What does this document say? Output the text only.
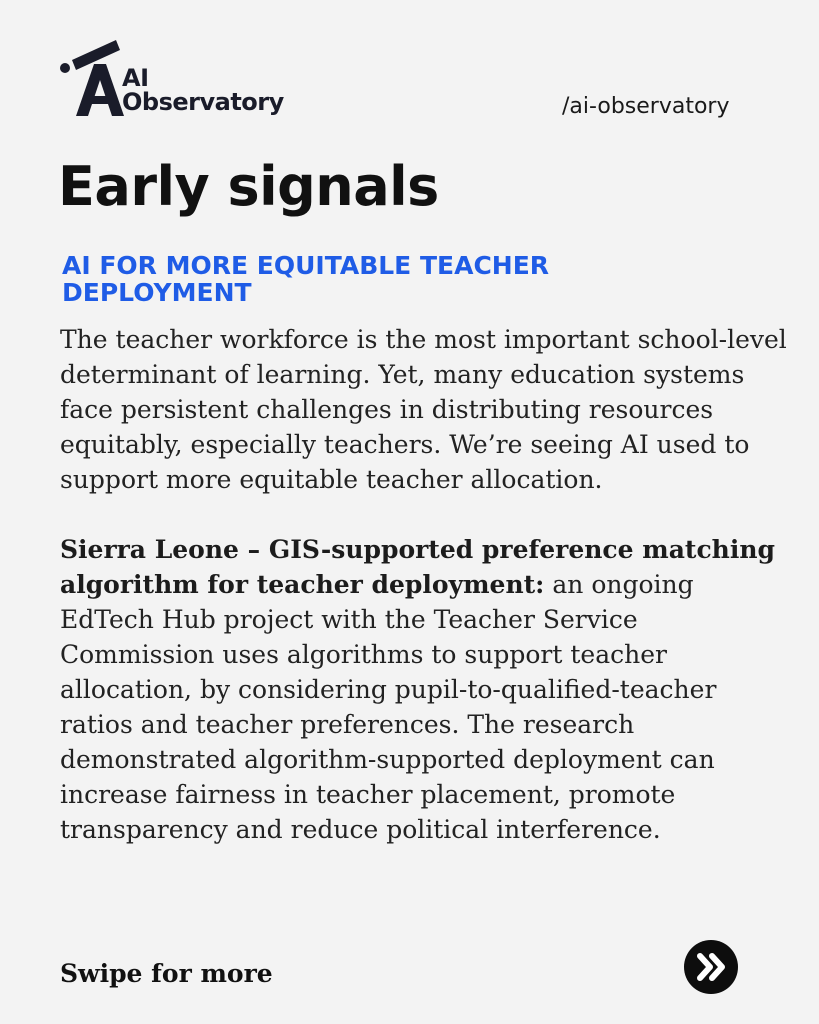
AI
Observatory	/ai-observatory
Early signals
AI FOR MORE EQUITABLE TEACHER DEPLOYMENT

The teacher workforce is the most important school-level determinant of learning. Yet, many education systems face persistent challenges in distributing resources equitably, especially teachers. We’re seeing AI used to support more equitable teacher allocation.

Sierra Leone – GIS-supported preference matching algorithm for teacher deployment: an ongoing EdTech Hub project with the Teacher Service Commission uses algorithms to support teacher allocation, by considering pupil-to-qualified-teacher ratios and teacher preferences. The research demonstrated algorithm-supported deployment can increase fairness in teacher placement, promote transparency and reduce political interference.

Swipe for more
